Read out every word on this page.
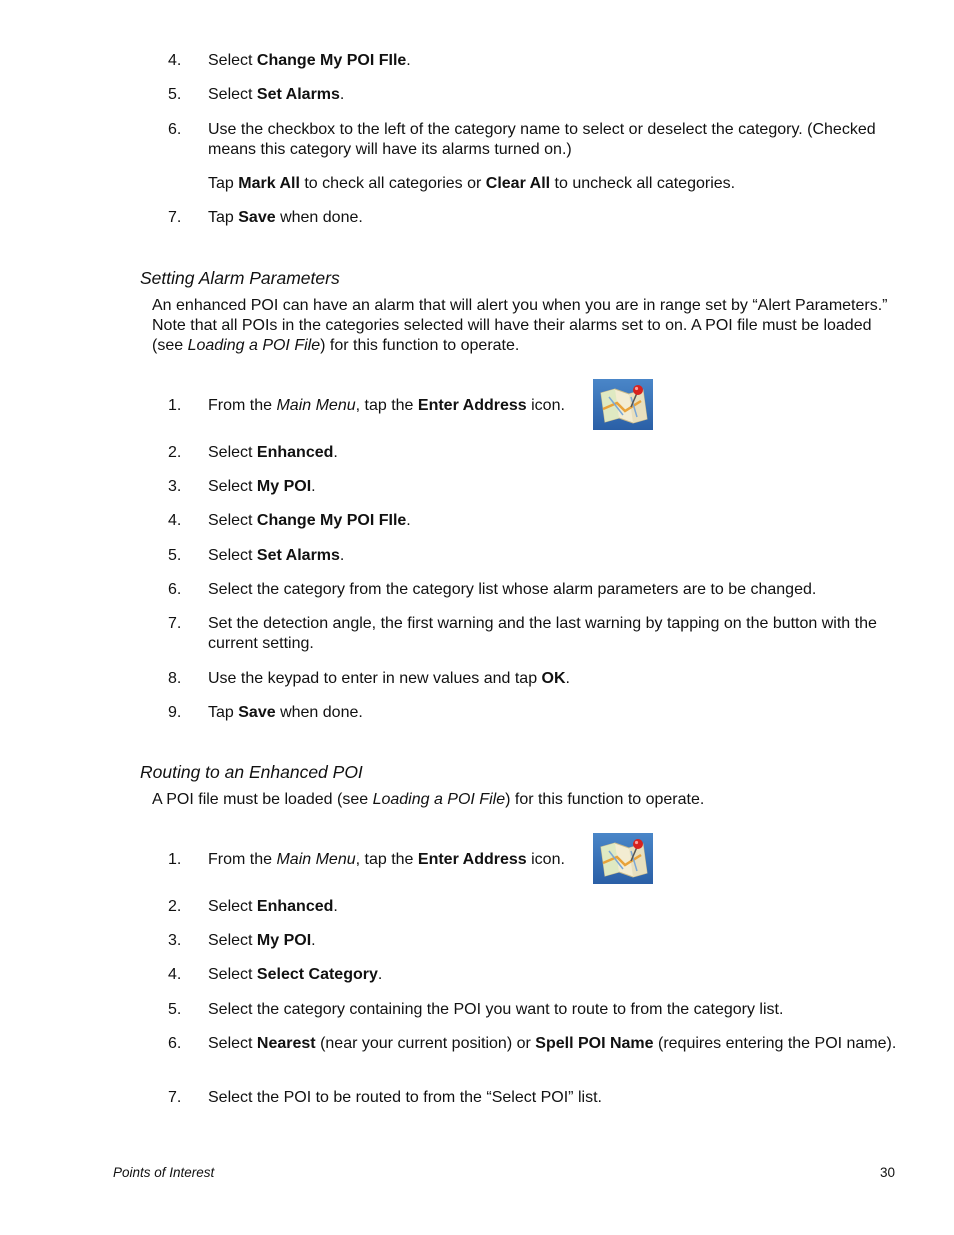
4. Select Change My POI FIle.
5. Select Set Alarms.
6. Use the checkbox to the left of the category name to select or deselect the category. (Checked means this category will have its alarms turned on.)
Tap Mark All to check all categories or Clear All to uncheck all categories.
7. Tap Save when done.
Setting Alarm Parameters
An enhanced POI can have an alarm that will alert you when you are in range set by “Alert Parameters.” Note that all POIs in the categories selected will have their alarms set to on. A POI file must be loaded (see Loading a POI File) for this function to operate.
1. From the Main Menu, tap the Enter Address icon.
2. Select Enhanced.
3. Select My POI.
4. Select Change My POI FIle.
5. Select Set Alarms.
6. Select the category from the category list whose alarm parameters are to be changed.
7. Set the detection angle, the first warning and the last warning by tapping on the button with the current setting.
8. Use the keypad to enter in new values and tap OK.
9. Tap Save when done.
Routing to an Enhanced POI
A POI file must be loaded (see Loading a POI File) for this function to operate.
1. From the Main Menu, tap the Enter Address icon.
2. Select Enhanced.
3. Select My POI.
4. Select Select Category.
5. Select the category containing the POI you want to route to from the category list.
6. Select Nearest (near your current position) or Spell POI Name (requires entering the POI name).
7. Select the POI to be routed to from the “Select POI” list.
Points of Interest	30
